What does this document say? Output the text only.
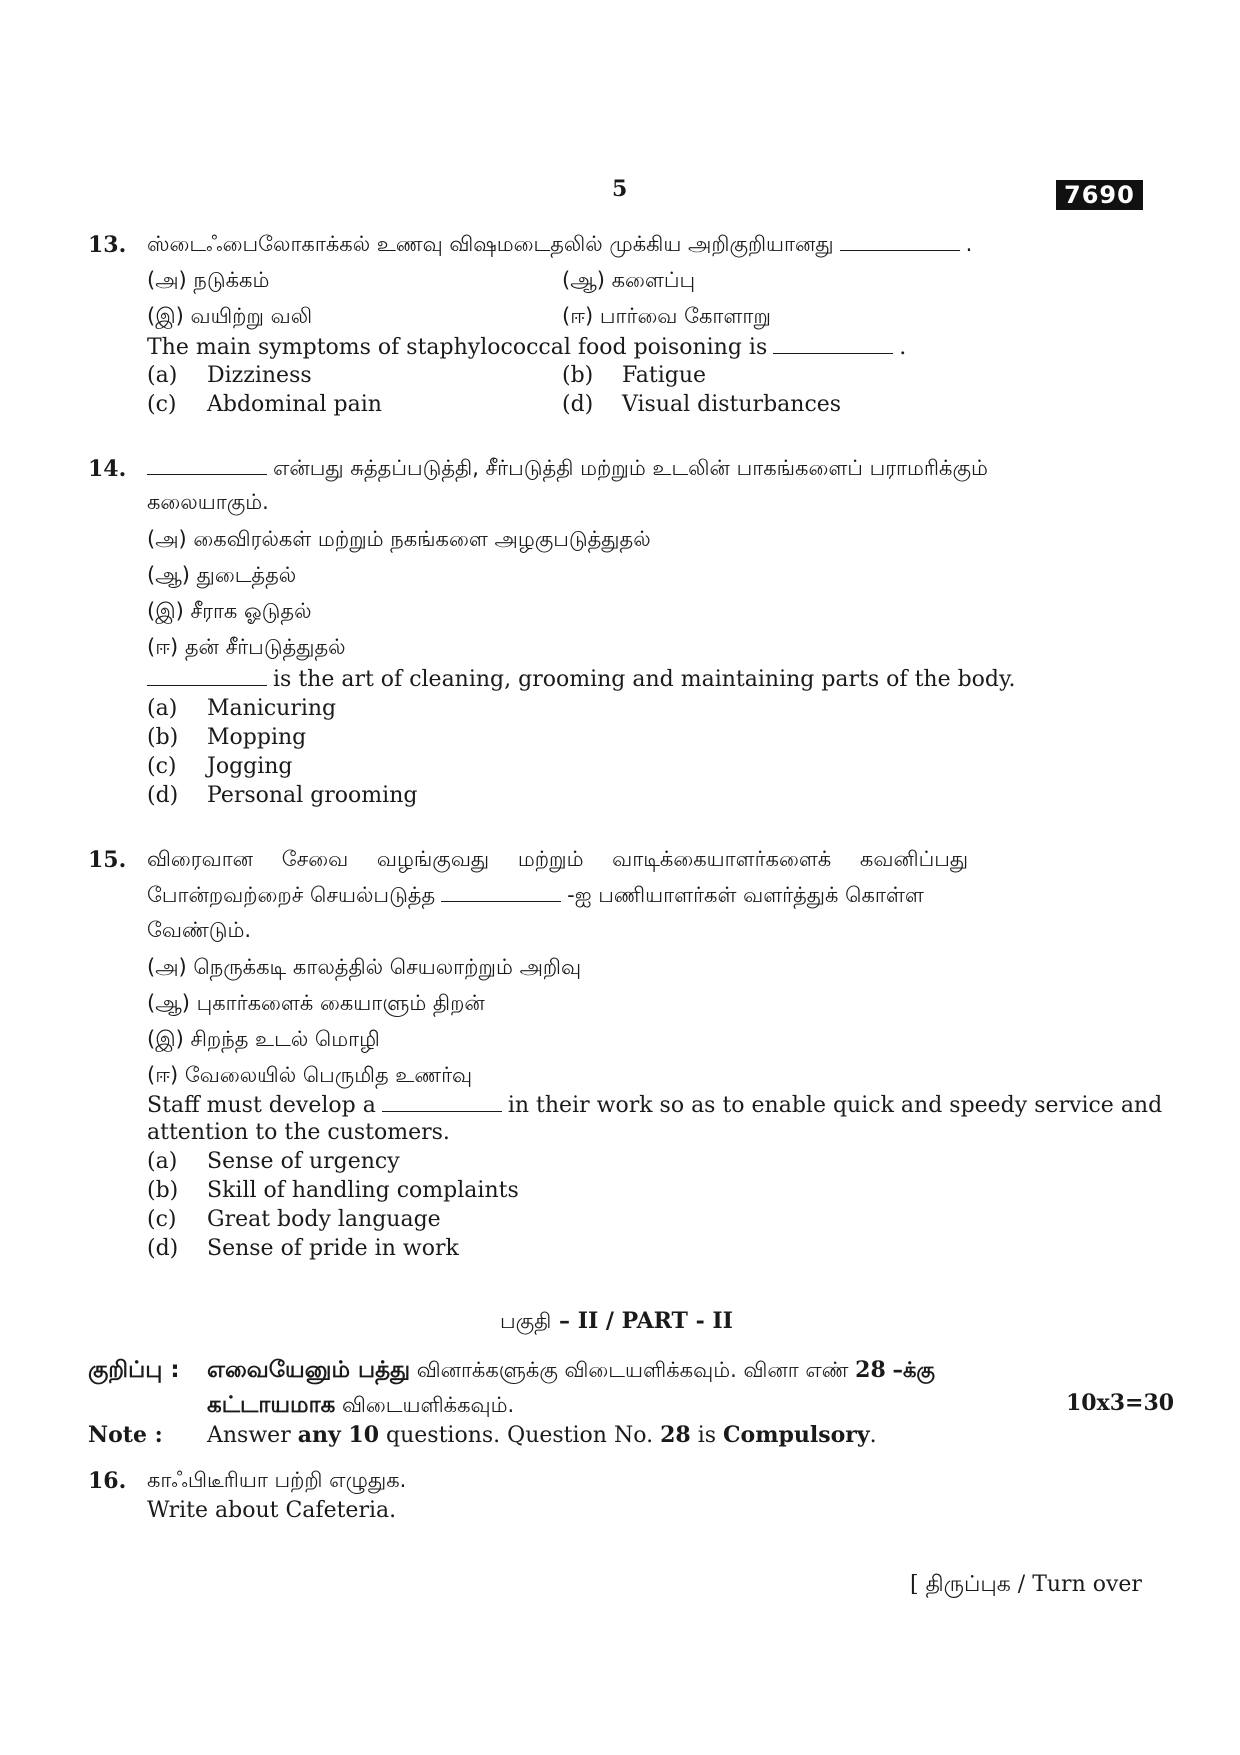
5	7690
13. ஸ்டைஃபைலோகாக்கல் உணவு விஷமடைதலில் முக்கிய அறிகுறியானது	.
(அ) நடுக்கம்	(ஆ) களைப்பு
(இ) வயிற்று வலி	(ஈ) பார்வை கோளாறு
The main symptoms of staphylococcal food poisoning is	.
(a) Dizziness	(b) Fatigue
(c) Abdominal pain	(d) Visual disturbances
14.	என்பது சுத்தப்படுத்தி, சீர்படுத்தி மற்றும் உடலின் பாகங்களைப் பராமரிக்கும்
கலையாகும்.
(அ) கைவிரல்கள் மற்றும் நகங்களை அழகுபடுத்துதல்
(ஆ) துடைத்தல்
(இ) சீராக ஓடுதல்
(ஈ) தன் சீர்படுத்துதல்
is the art of cleaning, grooming and maintaining parts of the body.
(a) Manicuring
(b) Mopping
(c) Jogging
(d) Personal grooming
15. விரைவான சேவை வழங்குவது மற்றும் வாடிக்கையாளர்களைக் கவனிப்பது
போன்றவற்றைச் செயல்படுத்த	-ஐ பணியாளர்கள் வளர்த்துக் கொள்ள
வேண்டும்.
(அ) நெருக்கடி காலத்தில் செயலாற்றும் அறிவு
(ஆ) புகார்களைக் கையாளும் திறன்
(இ) சிறந்த உடல் மொழி
(ஈ) வேலையில் பெருமித உணர்வு
Staff must develop a	in their work so as to enable quick and speedy service and
attention to the customers.
(a) Sense of urgency
(b) Skill of handling complaints
(c) Great body language
(d) Sense of pride in work
பகுதி – II / PART - II
குறிப்பு : எவையேனும் பத்து வினாக்களுக்கு விடையளிக்கவும். வினா எண் 28 –க்கு
கட்டாயமாக விடையளிக்கவும்.	10x3=30
Note : Answer any 10 questions. Question No. 28 is Compulsory.
16. காஃபிடீரியா பற்றி எழுதுக.
Write about Cafeteria.
[ திருப்புக / Turn over
